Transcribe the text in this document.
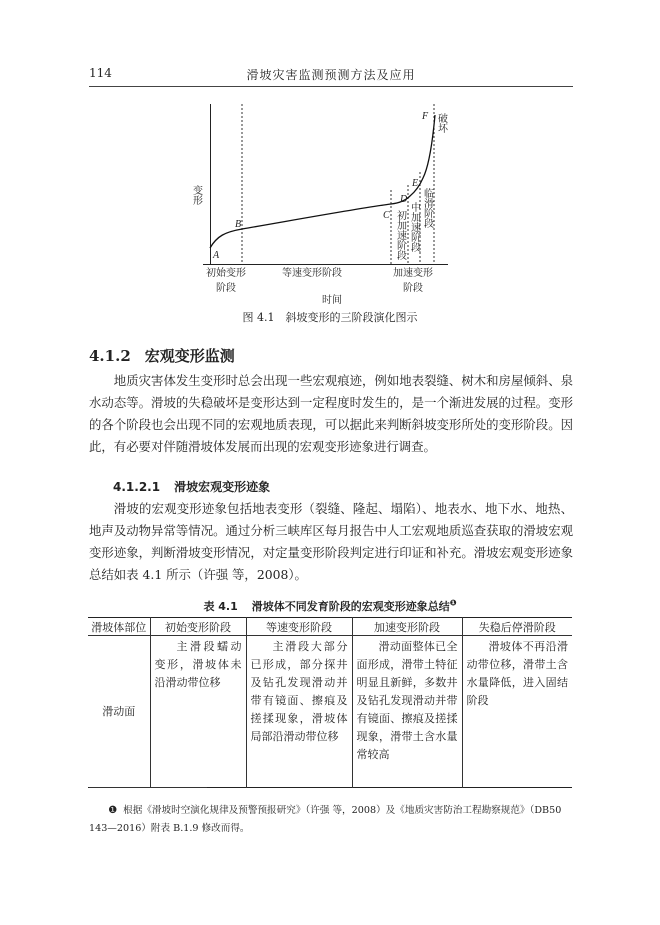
114	滑坡灾害监测预测方法及应用
A
B
C
D
E
F
变形
破坏
初加速阶段 中加速阶段 临滑阶段
初始变形
阶段
等速变形阶段	加速变形
阶段
时间
图 4.1　斜坡变形的三阶段演化图示
4.1.2 宏观变形监测
地质灾害体发生变形时总会出现一些宏观痕迹，例如地表裂缝、树木和房屋倾斜、泉水动态等。滑坡的失稳破坏是变形达到一定程度时发生的，是一个渐进发展的过程。变形的各个阶段也会出现不同的宏观地质表现，可以据此来判断斜坡变形所处的变形阶段。因此，有必要对伴随滑坡体发展而出现的宏观变形迹象进行调查。
4.1.2.1 滑坡宏观变形迹象
滑坡的宏观变形迹象包括地表变形（裂缝、隆起、塌陷）、地表水、地下水、地热、地声及动物异常等情况。通过分析三峡库区每月报告中人工宏观地质巡查获取的滑坡宏观变形迹象，判断滑坡变形情况，对定量变形阶段判定进行印证和补充。滑坡宏观变形迹象总结如表 4.1 所示（许强 等，2008）。
表 4.1 滑坡体不同发育阶段的宏观变形迹象总结$^❶$
滑坡体部位	初始变形阶段	等速变形阶段	加速变形阶段	失稳后停滑阶段
滑动面	主滑段蠕动变形，滑坡体未沿滑动带位移	主滑段大部分已形成，部分探井及钻孔发现滑动并带有镜面、擦痕及搓揉现象，滑坡体局部沿滑动带位移	滑动面整体已全面形成，滑带土特征明显且新鲜，多数井及钻孔发现滑动并带有镜面、擦痕及搓揉现象，滑带土含水量常较高	滑坡体不再沿滑动带位移，滑带土含水量降低，进入固结阶段
❶ 根据《滑坡时空演化规律及预警预报研究》（许强 等，2008）及《地质灾害防治工程勘察规范》（DB50 143—2016）附表 B.1.9 修改而得。
